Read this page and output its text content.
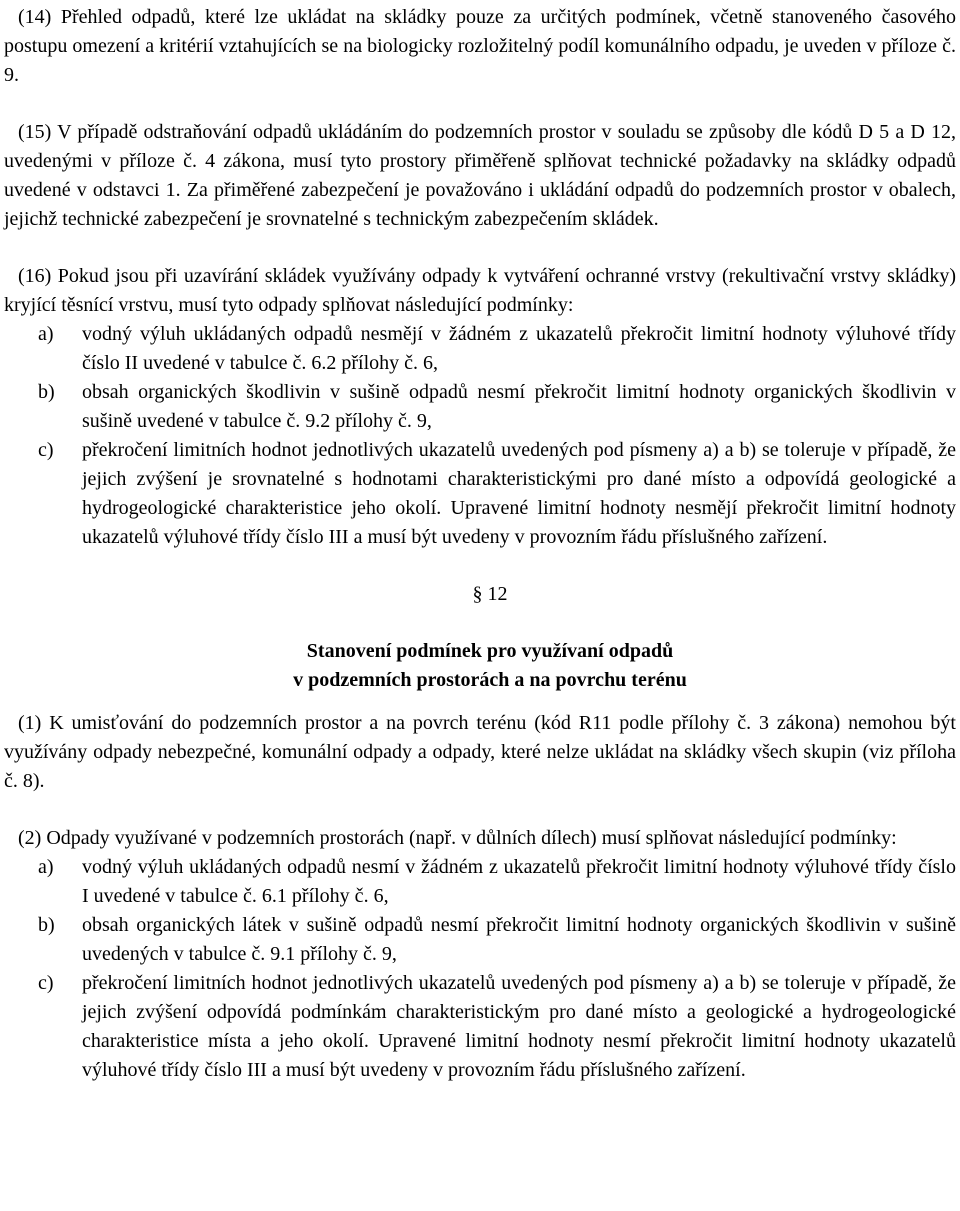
(14) Přehled odpadů, které lze ukládat na skládky pouze za určitých podmínek, včetně stanoveného časového postupu omezení a kritérií vztahujících se na biologicky rozložitelný podíl komunálního odpadu, je uveden v příloze č. 9.

(15) V případě odstraňování odpadů ukládáním do podzemních prostor v souladu se způsoby dle kódů D 5 a D 12, uvedenými v příloze č. 4 zákona, musí tyto prostory přiměřeně splňovat technické požadavky na skládky odpadů uvedené v odstavci 1. Za přiměřené zabezpečení je považováno i ukládání odpadů do podzemních prostor v obalech, jejichž technické zabezpečení je srovnatelné s technickým zabezpečením skládek.

(16) Pokud jsou při uzavírání skládek využívány odpady k vytváření ochranné vrstvy (rekultivační vrstvy skládky) kryjící těsnící vrstvu, musí tyto odpady splňovat následující podmínky:

a)	vodný výluh ukládaných odpadů nesmějí v žádném z ukazatelů překročit limitní hodnoty výluhové třídy číslo II uvedené v tabulce č. 6.2 přílohy č. 6,
b)	obsah organických škodlivin v sušině odpadů nesmí překročit limitní hodnoty organických škodlivin v sušině uvedené v tabulce č. 9.2 přílohy č. 9,
c)	překročení limitních hodnot jednotlivých ukazatelů uvedených pod písmeny a) a b) se toleruje v případě, že jejich zvýšení je srovnatelné s hodnotami charakteristickými pro dané místo a odpovídá geologické a hydrogeologické charakteristice jeho okolí. Upravené limitní hodnoty nesmějí překročit limitní hodnoty ukazatelů výluhové třídy číslo III a musí být uvedeny v provozním řádu příslušného zařízení.

§ 12

Stanovení podmínek pro využívaní odpadů
v podzemních prostorách a na povrchu terénu

(1) K umisťování do podzemních prostor a na povrch terénu (kód R11 podle přílohy č. 3 zákona) nemohou být využívány odpady nebezpečné, komunální odpady a odpady, které nelze ukládat na skládky všech skupin (viz příloha č. 8).

(2) Odpady využívané v podzemních prostorách (např. v důlních dílech) musí splňovat následující podmínky:

a)	vodný výluh ukládaných odpadů nesmí v žádném z ukazatelů překročit limitní hodnoty výluhové třídy číslo I uvedené v tabulce č. 6.1 přílohy č. 6,
b)	obsah organických látek v sušině odpadů nesmí překročit limitní hodnoty organických škodlivin v sušině uvedených v tabulce č. 9.1 přílohy č. 9,
c)	překročení limitních hodnot jednotlivých ukazatelů uvedených pod písmeny a) a b) se toleruje v případě, že jejich zvýšení odpovídá podmínkám charakteristickým pro dané místo a geologické a hydrogeologické charakteristice místa a jeho okolí. Upravené limitní hodnoty nesmí překročit limitní hodnoty ukazatelů výluhové třídy číslo III a musí být uvedeny v provozním řádu příslušného zařízení.
